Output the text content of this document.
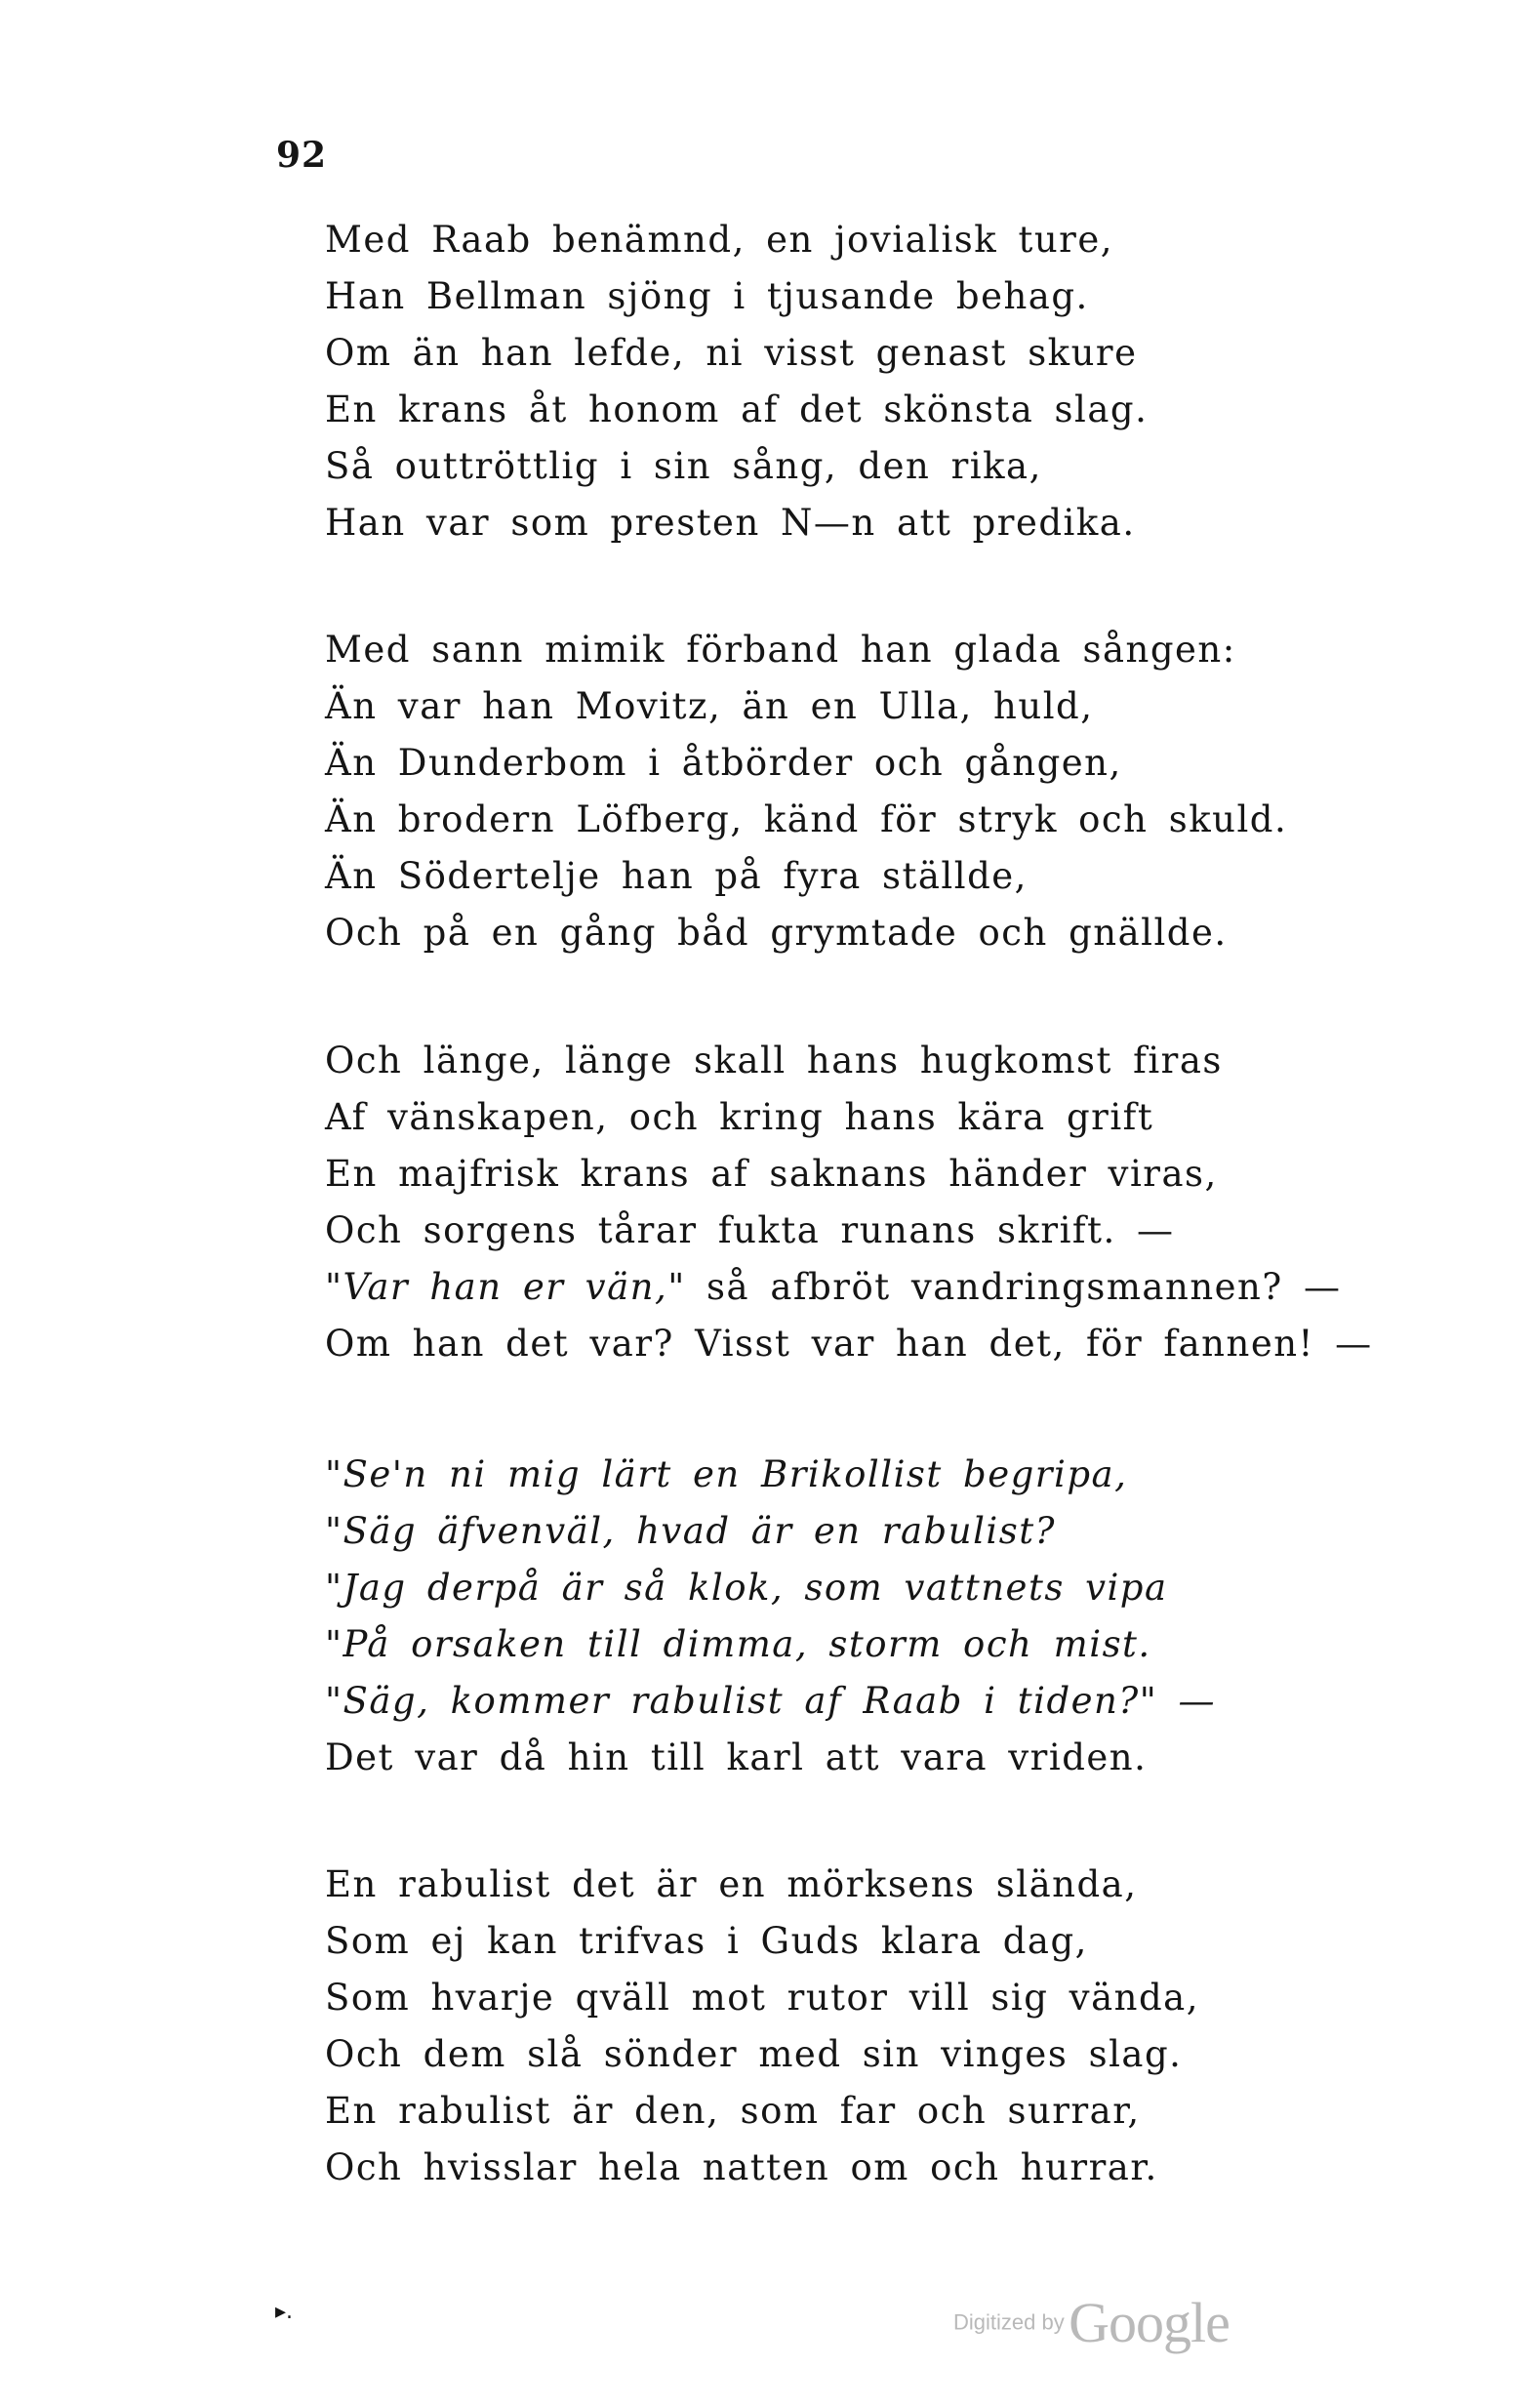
92
Med Raab benämnd, en jovialisk ture,
Han Bellman sjöng i tjusande behag.
Om än han lefde, ni visst genast skure
En krans åt honom af det skönsta slag.
Så outtröttlig i sin sång, den rika,
Han var som presten N—n att predika.
Med sann mimik förband han glada sången:
Än var han Movitz, än en Ulla, huld,
Än Dunderbom i åtbörder och gången,
Än brodern Löfberg, känd för stryk och skuld.
Än Södertelje han på fyra ställde,
Och på en gång båd grymtade och gnällde.
Och länge, länge skall hans hugkomst firas
Af vänskapen, och kring hans kära grift
En majfrisk krans af saknans händer viras,
Och sorgens tårar fukta runans skrift. —
"Var han er vän," så afbröt vandringsmannen? —
Om han det var? Visst var han det, för fannen! —
"Se'n ni mig lärt en Brikollist begripa,
"Säg äfvenväl, hvad är en rabulist?
"Jag derpå är så klok, som vattnets vipa
"På orsaken till dimma, storm och mist.
"Säg, kommer rabulist af Raab i tiden?" —
Det var då hin till karl att vara vriden.
En rabulist det är en mörksens slända,
Som ej kan trifvas i Guds klara dag,
Som hvarje qväll mot rutor vill sig vända,
Och dem slå sönder med sin vinges slag.
En rabulist är den, som far och surrar,
Och hvisslar hela natten om och hurrar.
▸.	Digitized by Google
